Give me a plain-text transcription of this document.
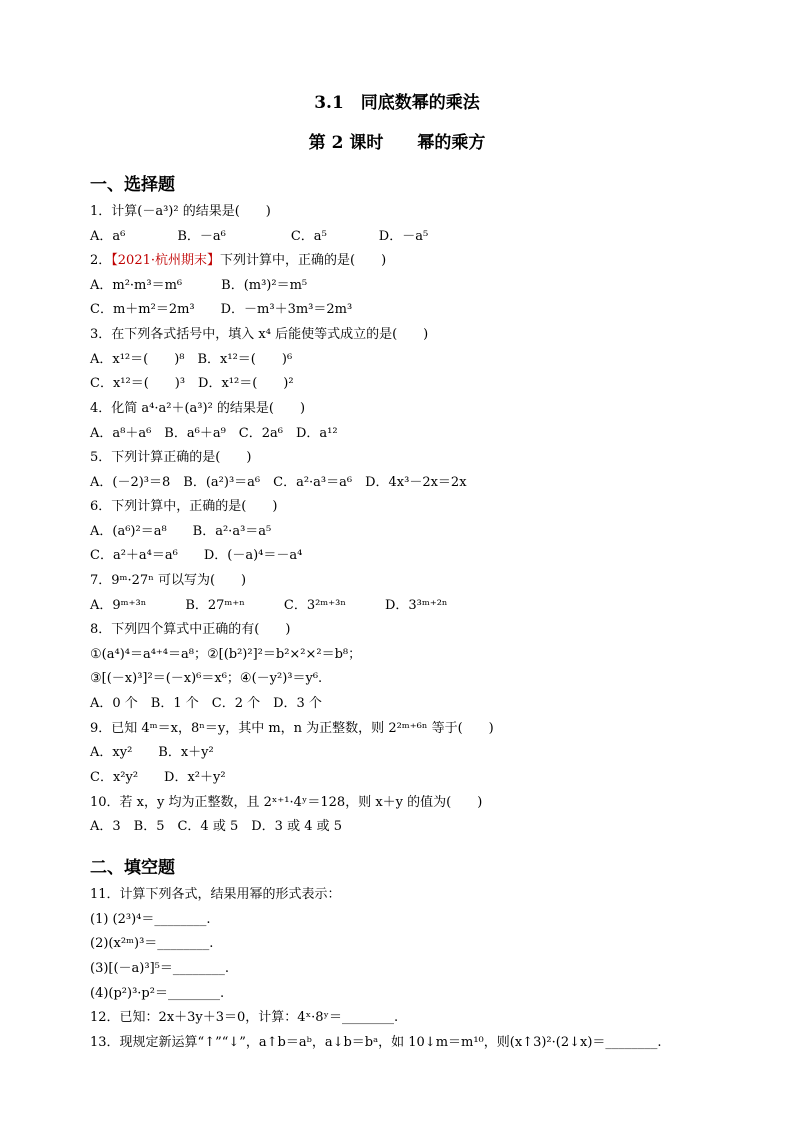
3.1　同底数幂的乘法
第 2 课时　　幂的乘方
一、选择题
1．计算(－a³)² 的结果是(　　)
A．a⁶　　　　B．－a⁶　　　　　C．a⁵　　　　D．－a⁵
2．【2021·杭州期末】下列计算中，正确的是(　　)
A．m²·m³＝m⁶　　　B．(m³)²＝m⁵
C．m＋m²＝2m³　　D．－m³＋3m³＝2m³
3．在下列各式括号中，填入 x⁴ 后能使等式成立的是(　　)
A．x¹²＝(　　)⁸　B．x¹²＝(　　)⁶
C．x¹²＝(　　)³　D．x¹²＝(　　)²
4．化简 a⁴·a²＋(a³)² 的结果是(　　)
A．a⁸＋a⁶　B．a⁶＋a⁹　C．2a⁶　D．a¹²
5．下列计算正确的是(　　)
A．(－2)³＝8　B．(a²)³＝a⁶　C．a²·a³＝a⁶　D．4x³－2x＝2x
6．下列计算中，正确的是(　　)
A．(a⁶)²＝a⁸　　B．a²·a³＝a⁵
C．a²＋a⁴＝a⁶　　D．(－a)⁴＝－a⁴
7．9ᵐ·27ⁿ 可以写为(　　)
A．9ᵐ⁺³ⁿ　　　B．27ᵐ⁺ⁿ　　　C．3²ᵐ⁺³ⁿ　　　D．3³ᵐ⁺²ⁿ
8．下列四个算式中正确的有(　　)
①(a⁴)⁴＝a⁴⁺⁴＝a⁸；②[(b²)²]²＝b²×²×²＝b⁸；
③[(－x)³]²＝(－x)⁶＝x⁶；④(－y²)³＝y⁶.
A．0 个　B．1 个　C．2 个　D．3 个
9．已知 4ᵐ＝x，8ⁿ＝y，其中 m，n 为正整数，则 2²ᵐ⁺⁶ⁿ 等于(　　)
A．xy²　　B．x＋y²
C．x²y²　　D．x²＋y²
10．若 x，y 均为正整数，且 2ˣ⁺¹·4ʸ＝128，则 x＋y 的值为(　　)
A．3　B．5　C．4 或 5　D．3 或 4 或 5
二、填空题
11．计算下列各式，结果用幂的形式表示：
(1) (2³)⁴＝________.
(2)(x²ᵐ)³＝________.
(3)[(－a)³]⁵＝________.
(4)(p²)³·p²＝________.
12．已知：2x＋3y＋3＝0，计算：4ˣ·8ʸ＝________.
13．现规定新运算“↑”“↓”，a↑b＝aᵇ，a↓b＝bᵃ，如 10↓m＝m¹⁰，则(x↑3)²·(2↓x)＝________.
